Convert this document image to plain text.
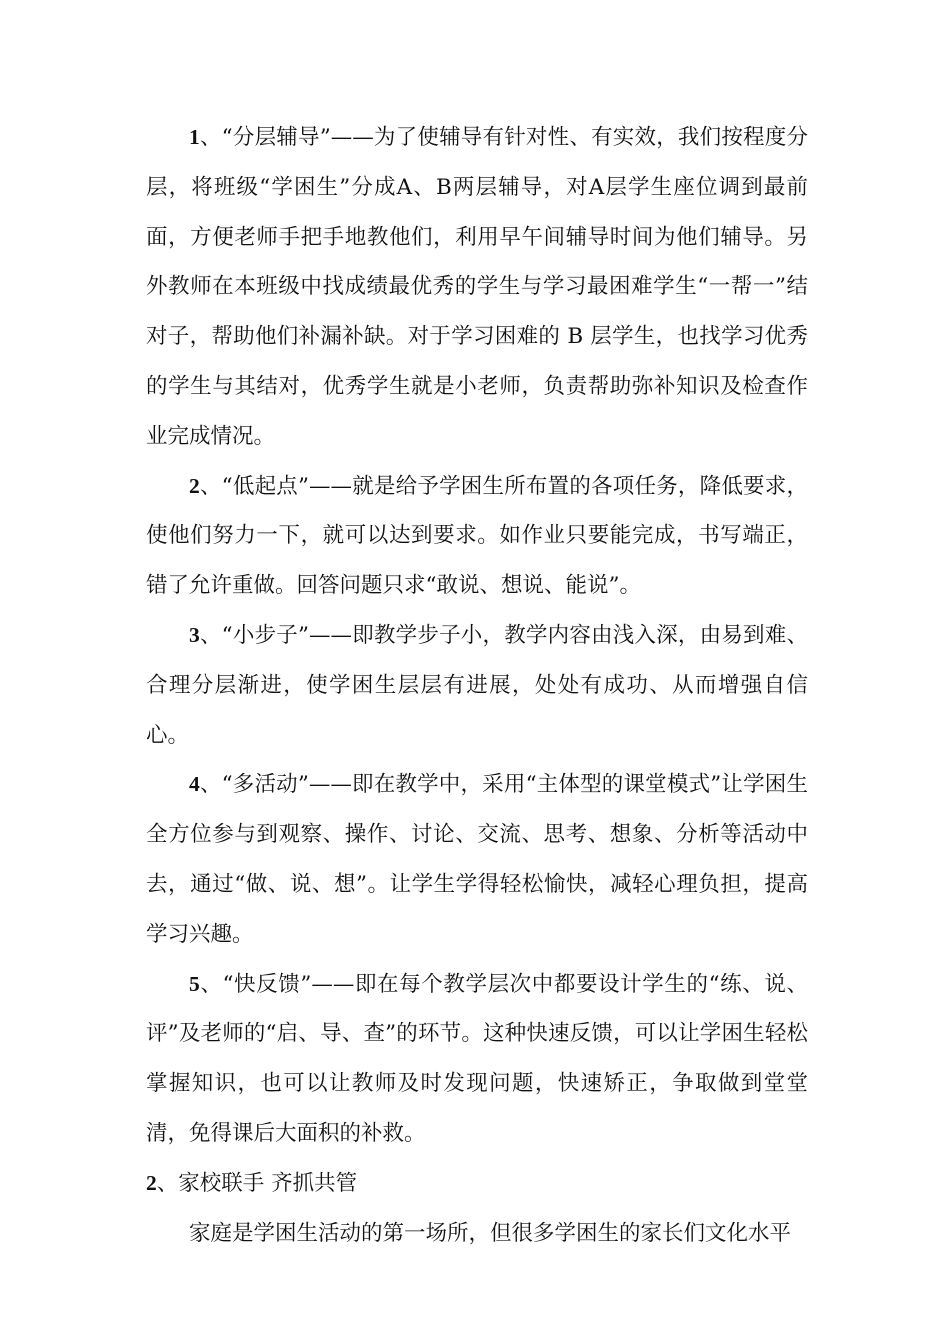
1、“分层辅导”——为了使辅导有针对性、有实效，我们按程度分层，将班级“学困生”分成A、B两层辅导，对A层学生座位调到最前面，方便老师手把手地教他们，利用早午间辅导时间为他们辅导。另外教师在本班级中找成绩最优秀的学生与学习最困难学生“一帮一”结对子，帮助他们补漏补缺。对于学习困难的 B 层学生，也找学习优秀的学生与其结对，优秀学生就是小老师，负责帮助弥补知识及检查作业完成情况。

2、“低起点”——就是给予学困生所布置的各项任务，降低要求，使他们努力一下，就可以达到要求。如作业只要能完成，书写端正，错了允许重做。回答问题只求“敢说、想说、能说”。

3、“小步子”——即教学步子小，教学内容由浅入深，由易到难、合理分层渐进，使学困生层层有进展，处处有成功、从而增强自信心。

4、“多活动”——即在教学中，采用“主体型的课堂模式”让学困生全方位参与到观察、操作、讨论、交流、思考、想象、分析等活动中去，通过“做、说、想”。让学生学得轻松愉快，减轻心理负担，提高学习兴趣。

5、“快反馈”——即在每个教学层次中都要设计学生的“练、说、评”及老师的“启、导、查”的环节。这种快速反馈，可以让学困生轻松掌握知识，也可以让教师及时发现问题，快速矫正，争取做到堂堂清，免得课后大面积的补救。

2、家校联手 齐抓共管

家庭是学困生活动的第一场所，但很多学困生的家长们文化水平
